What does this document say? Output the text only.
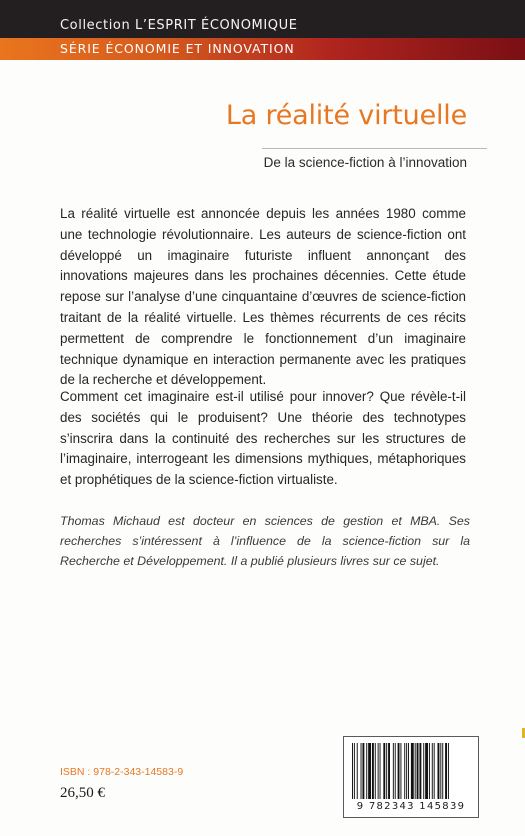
Collection L’ESPRIT ÉCONOMIQUE
SÉRIE ÉCONOMIE ET INNOVATION
La réalité virtuelle
De la science-fiction à l’innovation

La réalité virtuelle est annoncée depuis les années 1980 comme une technologie révolutionnaire. Les auteurs de science-fiction ont développé un imaginaire futuriste influent annonçant des innovations majeures dans les prochaines décennies. Cette étude repose sur l’analyse d’une cinquantaine d’œuvres de science-fiction traitant de la réalité virtuelle. Les thèmes récurrents de ces récits permettent de comprendre le fonctionnement d’un imaginaire technique dynamique en interaction permanente avec les pratiques de la recherche et développement.

Comment cet imaginaire est-il utilisé pour innover? Que révèle-t-il des sociétés qui le produisent? Une théorie des technotypes s’inscrira dans la continuité des recherches sur les structures de l’imaginaire, interrogeant les dimensions mythiques, métaphoriques et prophétiques de la science-fiction virtualiste.

Thomas Michaud est docteur en sciences de gestion et MBA. Ses recherches s’intéressent à l’influence de la science-fiction sur la Recherche et Développement. Il a publié plusieurs livres sur ce sujet.

ISBN : 978-2-343-14583-9
26,50 €
9 782343 145839
